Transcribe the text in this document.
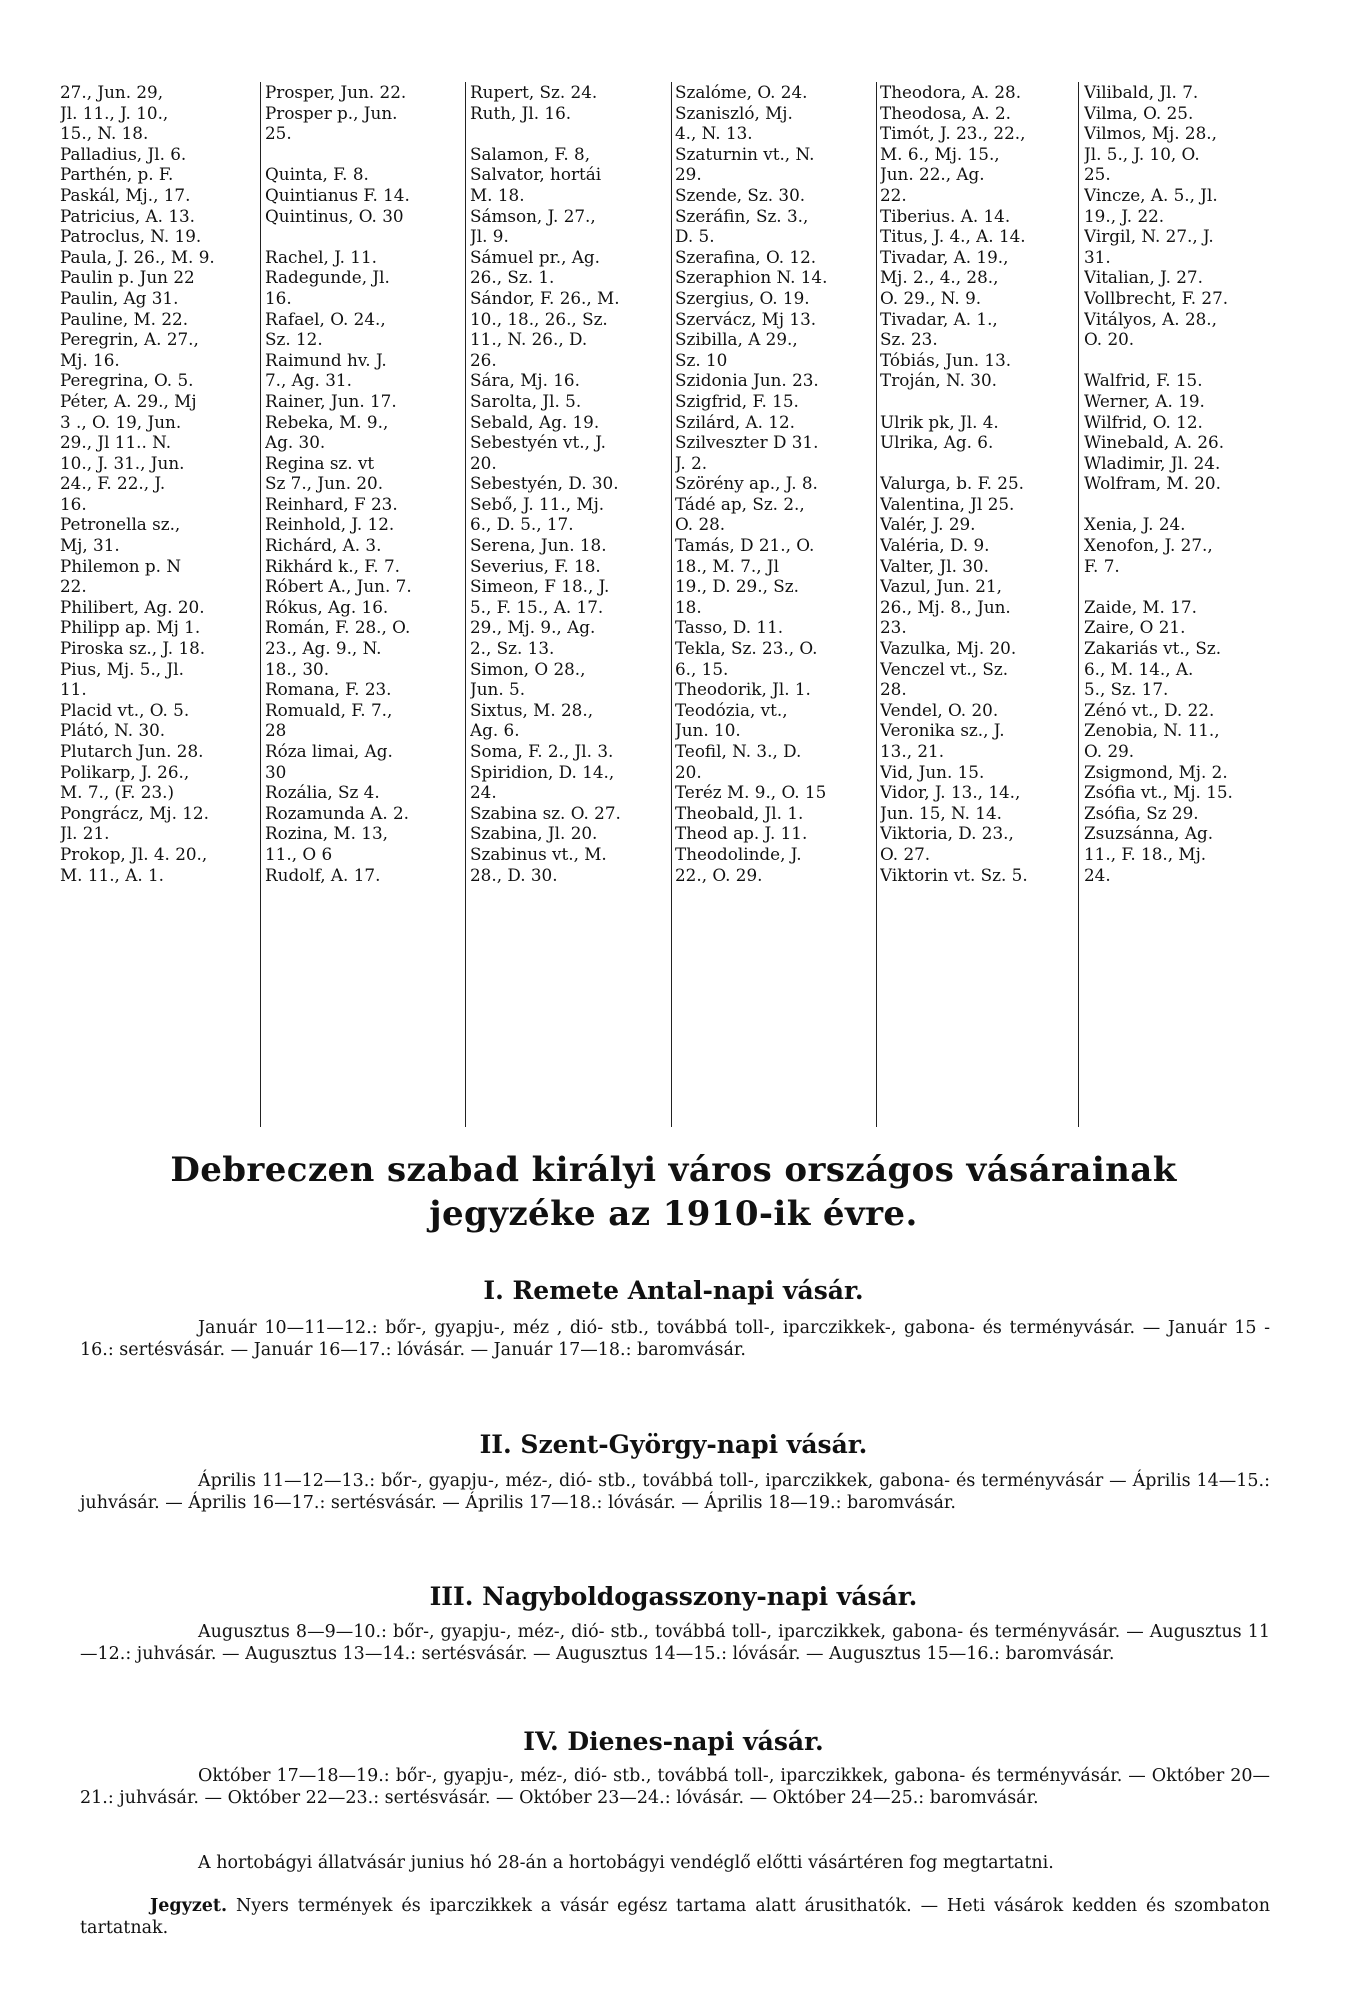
27., Jun. 29,
Jl. 11., J. 10.,
15., N. 18.
Palladius, Jl. 6.
Parthén, p. F.
Paskál, Mj., 17.
Patricius, A. 13.
Patroclus, N. 19.
Paula, J. 26., M. 9.
Paulin p. Jun 22
Paulin, Ag 31.
Pauline, M. 22.
Peregrin, A. 27.,
Mj. 16.
Peregrina, O. 5.
Péter, A. 29., Mj
3 ., O. 19, Jun.
29., Jl 11.. N.
10., J. 31., Jun.
24., F. 22., J.
16.
Petronella sz.,
Mj, 31.
Philemon p. N
22.
Philibert, Ag. 20.
Philipp ap. Mj 1.
Piroska sz., J. 18.
Pius, Mj. 5., Jl.
11.
Placid vt., O. 5.
Plátó, N. 30.
Plutarch Jun. 28.
Polikarp, J. 26.,
M. 7., (F. 23.)
Pongrácz, Mj. 12.
Jl. 21.
Prokop, Jl. 4. 20.,
M. 11., A. 1.
Prosper, Jun. 22.
Prosper p., Jun.
25.
Quinta, F. 8.
Quintianus F. 14.
Quintinus, O. 30
Rachel, J. 11.
Radegunde, Jl.
16.
Rafael, O. 24.,
Sz. 12.
Raimund hv. J.
7., Ag. 31.
Rainer, Jun. 17.
Rebeka, M. 9.,
Ag. 30.
Regina sz. vt
Sz 7., Jun. 20.
Reinhard, F 23.
Reinhold, J. 12.
Richárd, A. 3.
Rikhárd k., F. 7.
Róbert A., Jun. 7.
Rókus, Ag. 16.
Román, F. 28., O.
23., Ag. 9., N.
18., 30.
Romana, F. 23.
Romuald, F. 7.,
28
Róza limai, Ag.
30
Rozália, Sz 4.
Rozamunda A. 2.
Rozina, M. 13,
11., O 6
Rudolf, A. 17.
Rupert, Sz. 24.
Ruth, Jl. 16.
Salamon, F. 8,
Salvator, hortái
M. 18.
Sámson, J. 27.,
Jl. 9.
Sámuel pr., Ag.
26., Sz. 1.
Sándor, F. 26., M.
10., 18., 26., Sz.
11., N. 26., D.
26.
Sára, Mj. 16.
Sarolta, Jl. 5.
Sebald, Ag. 19.
Sebestyén vt., J.
20.
Sebestyén, D. 30.
Sebő, J. 11., Mj.
6., D. 5., 17.
Serena, Jun. 18.
Severius, F. 18.
Simeon, F 18., J.
5., F. 15., A. 17.
29., Mj. 9., Ag.
2., Sz. 13.
Simon, O 28.,
Jun. 5.
Sixtus, M. 28.,
Ag. 6.
Soma, F. 2., Jl. 3.
Spiridion, D. 14.,
24.
Szabina sz. O. 27.
Szabina, Jl. 20.
Szabinus vt., M.
28., D. 30.
Szalóme, O. 24.
Szaniszló, Mj.
4., N. 13.
Szaturnin vt., N.
29.
Szende, Sz. 30.
Szeráfin, Sz. 3.,
D. 5.
Szerafina, O. 12.
Szeraphion N. 14.
Szergius, O. 19.
Szervácz, Mj 13.
Szibilla, A 29.,
Sz. 10
Szidonia Jun. 23.
Szigfrid, F. 15.
Szilárd, A. 12.
Szilveszter D 31.
J. 2.
Szörény ap., J. 8.
Tádé ap, Sz. 2.,
O. 28.
Tamás, D 21., O.
18., M. 7., Jl
19., D. 29., Sz.
18.
Tasso, D. 11.
Tekla, Sz. 23., O.
6., 15.
Theodorik, Jl. 1.
Teodózia, vt.,
Jun. 10.
Teofil, N. 3., D.
20.
Teréz M. 9., O. 15
Theobald, Jl. 1.
Theod ap. J. 11.
Theodolinde, J.
22., O. 29.
Theodora, A. 28.
Theodosa, A. 2.
Timót, J. 23., 22.,
M. 6., Mj. 15.,
Jun. 22., Ag.
22.
Tiberius. A. 14.
Titus, J. 4., A. 14.
Tivadar, A. 19.,
Mj. 2., 4., 28.,
O. 29., N. 9.
Tivadar, A. 1.,
Sz. 23.
Tóbiás, Jun. 13.
Troján, N. 30.
Ulrik pk, Jl. 4.
Ulrika, Ag. 6.
Valurga, b. F. 25.
Valentina, Jl 25.
Valér, J. 29.
Valéria, D. 9.
Valter, Jl. 30.
Vazul, Jun. 21,
26., Mj. 8., Jun.
23.
Vazulka, Mj. 20.
Venczel vt., Sz.
28.
Vendel, O. 20.
Veronika sz., J.
13., 21.
Vid, Jun. 15.
Vidor, J. 13., 14.,
Jun. 15, N. 14.
Viktoria, D. 23.,
O. 27.
Viktorin vt. Sz. 5.
Vilibald, Jl. 7.
Vilma, O. 25.
Vilmos, Mj. 28.,
Jl. 5., J. 10, O.
25.
Vincze, A. 5., Jl.
19., J. 22.
Virgil, N. 27., J.
31.
Vitalian, J. 27.
Vollbrecht, F. 27.
Vitályos, A. 28.,
O. 20.
Walfrid, F. 15.
Werner, A. 19.
Wilfrid, O. 12.
Winebald, A. 26.
Wladimir, Jl. 24.
Wolfram, M. 20.
Xenia, J. 24.
Xenofon, J. 27.,
F. 7.
Zaide, M. 17.
Zaire, O 21.
Zakariás vt., Sz.
6., M. 14., A.
5., Sz. 17.
Zénó vt., D. 22.
Zenobia, N. 11.,
O. 29.
Zsigmond, Mj. 2.
Zsófia vt., Mj. 15.
Zsófia, Sz 29.
Zsuzsánna, Ag.
11., F. 18., Mj.
24.
Debreczen szabad királyi város országos vásárainak
jegyzéke az 1910-ik évre.
I. Remete Antal-napi vásár.
Január 10—11—12.: bőr-, gyapju-, méz , dió- stb., továbbá toll-, iparczikkek-, gabona- és terményvásár. — Január 15 - 16.: sertésvásár. — Január 16—17.: lóvásár. — Január 17—18.: baromvásár.
II. Szent-György-napi vásár.
Április 11—12—13.: bőr-, gyapju-, méz-, dió- stb., továbbá toll-, iparczikkek, gabona- és terményvásár — Április 14—15.: juhvásár. — Április 16—17.: sertésvásár. — Április 17—18.: lóvásár. — Április 18—19.: baromvásár.
III. Nagyboldogasszony-napi vásár.
Augusztus 8—9—10.: bőr-, gyapju-, méz-, dió- stb., továbbá toll-, iparczikkek, gabona- és terményvásár. — Augusztus 11—12.: juhvásár. — Augusztus 13—14.: sertésvásár. — Augusztus 14—15.: lóvásár. — Augusztus 15—16.: baromvásár.
IV. Dienes-napi vásár.
Október 17—18—19.: bőr-, gyapju-, méz-, dió- stb., továbbá toll-, iparczikkek, gabona- és terményvásár. — Október 20—21.: juhvásár. — Október 22—23.: sertésvásár. — Október 23—24.: lóvásár. — Október 24—25.: baromvásár.
A hortobágyi állatvásár junius hó 28-án a hortobágyi vendéglő előtti vásártéren fog megtartatni.
Jegyzet. Nyers termények és iparczikkek a vásár egész tartama alatt árusithatók. — Heti vásárok kedden és szombaton tartatnak.
